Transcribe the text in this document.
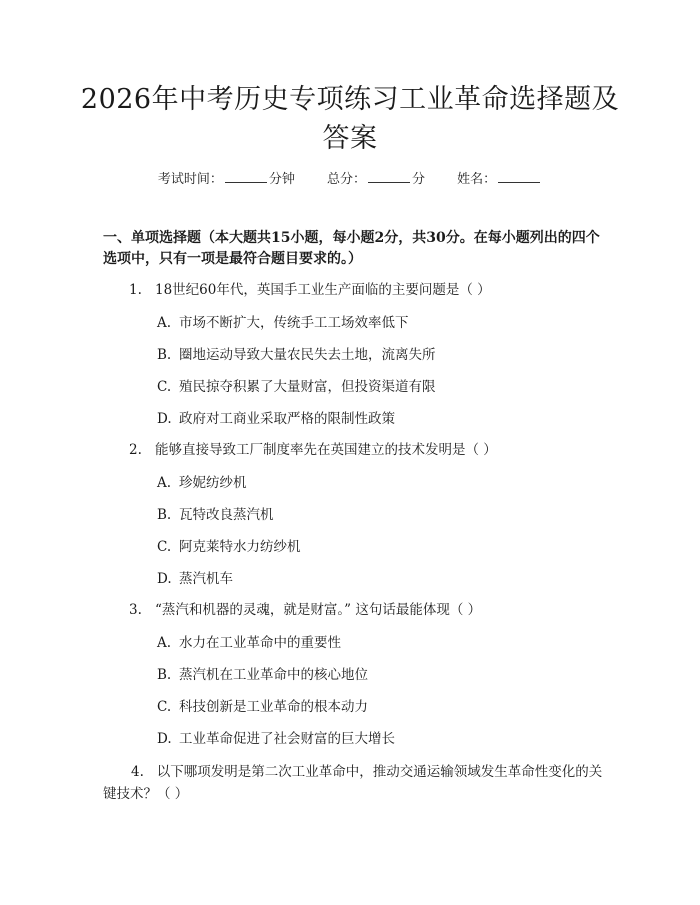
2026年中考历史专项练习工业革命选择题及
答案
考试时间：	分钟 总分：	分 姓名：
一、单项选择题（本大题共15小题，每小题2分，共30分。在每小题列出的四个选项中，只有一项是最符合题目要求的。）
1. 18世纪60年代，英国手工业生产面临的主要问题是（ ）
A. 市场不断扩大，传统手工工场效率低下
B. 圈地运动导致大量农民失去土地，流离失所
C. 殖民掠夺积累了大量财富，但投资渠道有限
D. 政府对工商业采取严格的限制性政策
2. 能够直接导致工厂制度率先在英国建立的技术发明是（ ）
A. 珍妮纺纱机
B. 瓦特改良蒸汽机
C. 阿克莱特水力纺纱机
D. 蒸汽机车
3. “蒸汽和机器的灵魂，就是财富。” 这句话最能体现（ ）
A. 水力在工业革命中的重要性
B. 蒸汽机在工业革命中的核心地位
C. 科技创新是工业革命的根本动力
D. 工业革命促进了社会财富的巨大增长
4. 以下哪项发明是第二次工业革命中，推动交通运输领域发生革命性变化的关键技术？（ ）
